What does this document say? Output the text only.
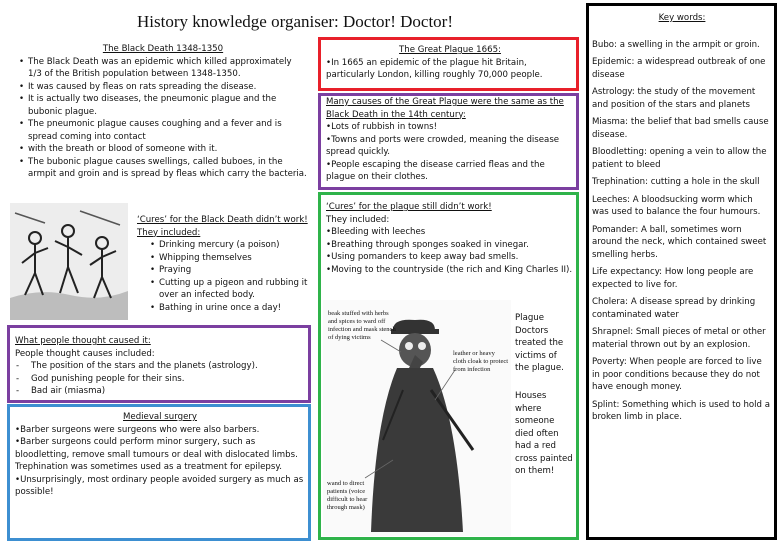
History knowledge organiser: Doctor! Doctor!
The Black Death 1348-1350
• The Black Death was an epidemic which killed approximately 1/3 of the British population between 1348-1350.
• It was caused by fleas on rats spreading the disease.
• It is actually two diseases, the pneumonic plague and the bubonic plague.
• The pneumonic plague causes coughing and a fever and is spread coming into contact
• with the breath or blood of someone with it.
• The bubonic plague causes swellings, called buboes, in the armpit and groin and is spread by fleas which carry the bacteria.
‘Cures’ for the Black Death didn’t work! They included:
• Drinking mercury (a poison)
• Whipping themselves
• Praying
• Cutting up a pigeon and rubbing it over an infected body.
• Bathing in urine once a day!
What people thought caused it:
People thought causes included:
- The position of the stars and the planets (astrology).
- God punishing people for their sins.
- Bad air (miasma)
Medieval surgery
•Barber surgeons were surgeons who were also barbers.
•Barber surgeons could perform minor surgery, such as bloodletting, remove small tumours or deal with dislocated limbs. Trephination was sometimes used as a treatment for epilepsy.
•Unsurprisingly, most ordinary people avoided surgery as much as possible!
The Great Plague 1665:
•In 1665 an epidemic of the plague hit Britain, particularly London, killing roughly 70,000 people.
Many causes of the Great Plague were the same as the Black Death in the 14th century:
•Lots of rubbish in towns!
•Towns and ports were crowded, meaning the disease spread quickly.
•People escaping the disease carried fleas and the plague on their clothes.
‘Cures’ for the plague still didn’t work!
They included:
•Bleeding with leeches
•Breathing through sponges soaked in vinegar.
•Using pomanders to keep away bad smells.
•Moving to the countryside (the rich and King Charles II).
beak stuffed with herbs and spices to ward off infection and mask stench of dying victims
leather or heavy cloth cloak to protect from infection
wand to direct patients (voice difficult to hear through mask)
Plague Doctors treated the victims of the plague.
Houses where someone died often had a red cross painted on them!
Key words:

Bubo: a swelling in the armpit or groin.

Epidemic: a widespread outbreak of one disease

Astrology: the study of the movement and position of the stars and planets

Miasma: the belief that bad smells cause disease.

Bloodletting: opening a vein to allow the patient to bleed

Trephination: cutting a hole in the skull

Leeches: A bloodsucking worm which was used to balance the four humours.

Pomander: A ball, sometimes worn around the neck, which contained sweet smelling herbs.

Life expectancy: How long people are expected to live for.

Cholera: A disease spread by drinking contaminated water

Shrapnel: Small pieces of metal or other material thrown out by an explosion.

Poverty: When people are forced to live in poor conditions because they do not have enough money.

Splint: Something which is used to hold a broken limb in place.
